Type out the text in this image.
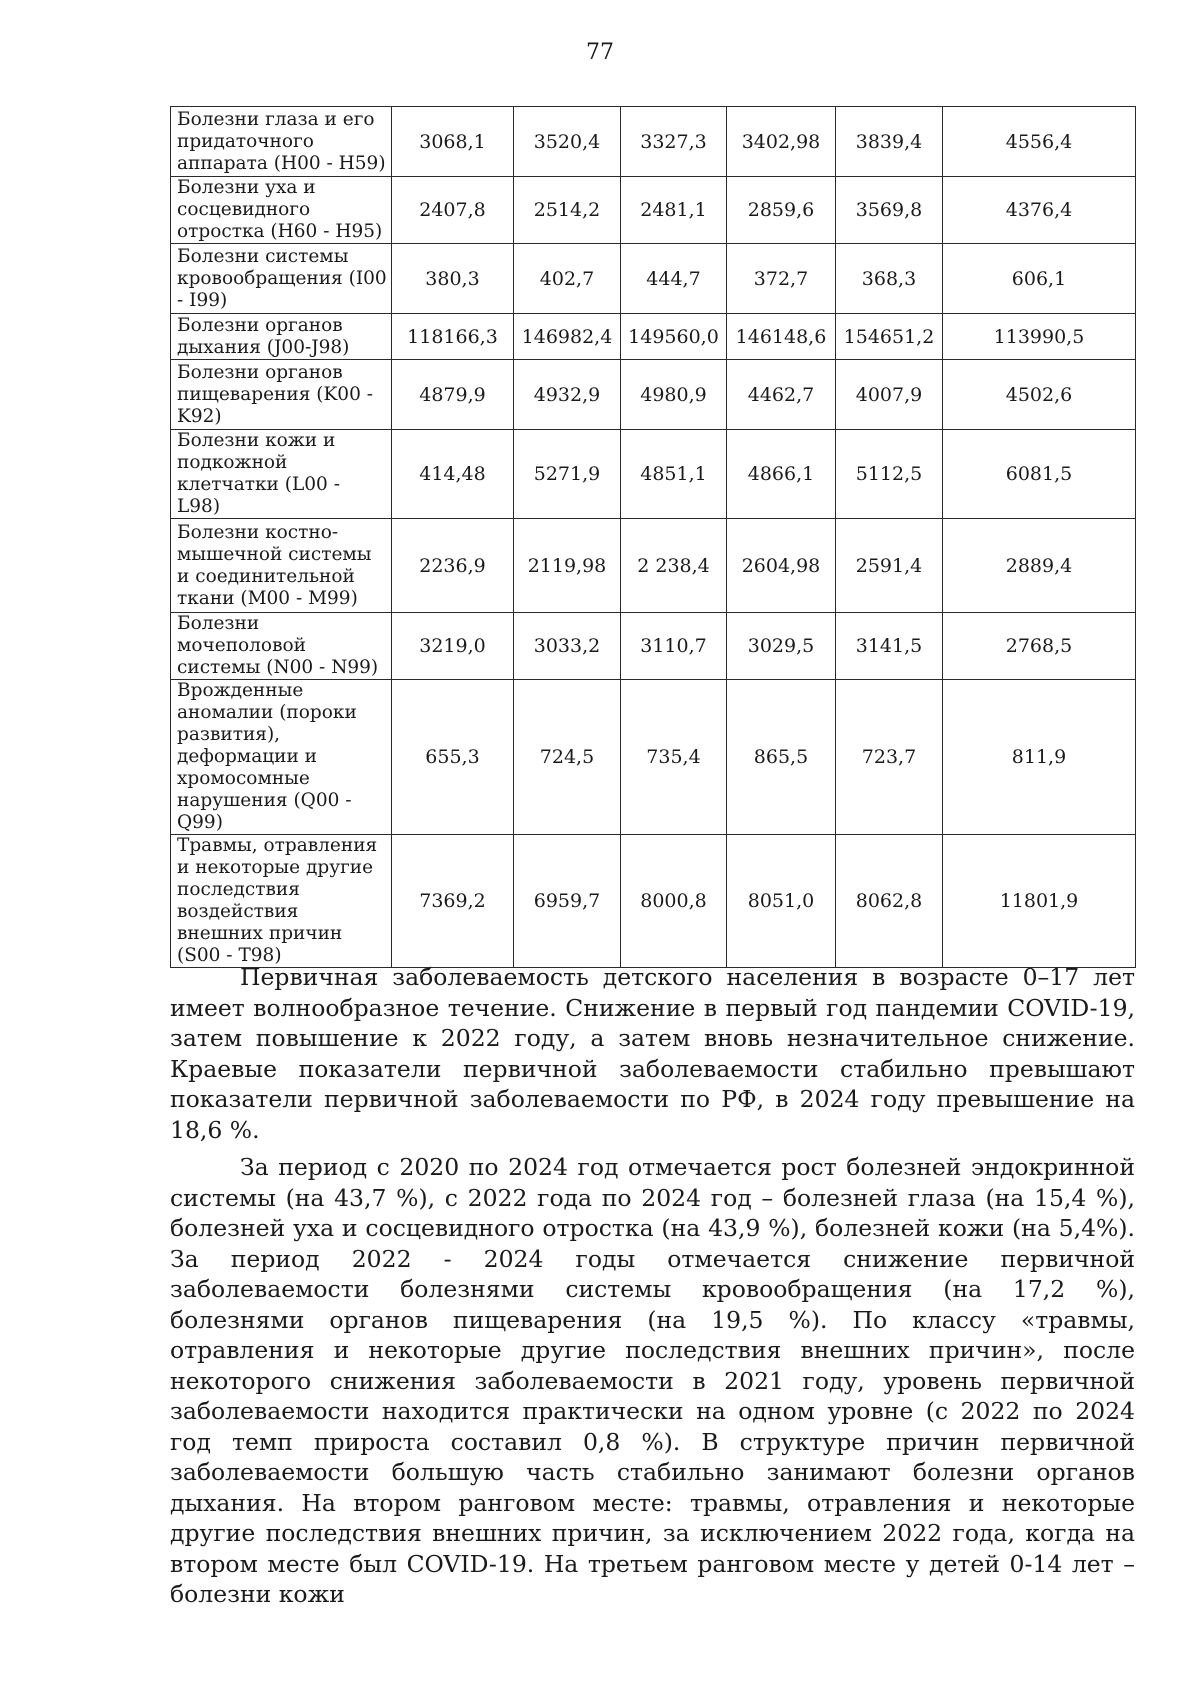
77
Болезни глаза и его придаточного аппарата (H00 - H59)	3068,1	3520,4	3327,3	3402,98	3839,4	4556,4
Болезни уха и сосцевидного отростка (H60 - H95)	2407,8	2514,2	2481,1	2859,6	3569,8	4376,4
Болезни системы кровообращения (I00 - I99)	380,3	402,7	444,7	372,7	368,3	606,1
Болезни органов дыхания (J00-J98)	118166,3	146982,4	149560,0	146148,6	154651,2	113990,5
Болезни органов пищеварения (K00 - K92)	4879,9	4932,9	4980,9	4462,7	4007,9	4502,6
Болезни кожи и подкожной клетчатки (L00 - L98)	414,48	5271,9	4851,1	4866,1	5112,5	6081,5
Болезни костно-мышечной системы и соединительной ткани (M00 - M99)	2236,9	2119,98	2 238,4	2604,98	2591,4	2889,4
Болезни мочеполовой системы (N00 - N99)	3219,0	3033,2	3110,7	3029,5	3141,5	2768,5
Врожденные аномалии (пороки развития), деформации и хромосомные нарушения (Q00 - Q99)	655,3	724,5	735,4	865,5	723,7	811,9
Травмы, отравления и некоторые другие последствия воздействия внешних причин (S00 - T98)	7369,2	6959,7	8000,8	8051,0	8062,8	11801,9

Первичная заболеваемость детского населения в возрасте 0–17 лет имеет волнообразное течение. Снижение в первый год пандемии COVID-19, затем повышение к 2022 году, а затем вновь незначительное снижение. Краевые показатели первичной заболеваемости стабильно превышают показатели первичной заболеваемости по РФ, в 2024 году превышение на 18,6 %.

За период с 2020 по 2024 год отмечается рост болезней эндокринной системы (на 43,7 %), с 2022 года по 2024 год – болезней глаза (на 15,4 %), болезней уха и сосцевидного отростка (на 43,9 %), болезней кожи (на 5,4%). За период 2022 - 2024 годы отмечается снижение первичной заболеваемости болезнями системы кровообращения (на 17,2 %), болезнями органов пищеварения (на 19,5 %). По классу «травмы, отравления и некоторые другие последствия внешних причин», после некоторого снижения заболеваемости в 2021 году, уровень первичной заболеваемости находится практически на одном уровне (с 2022 по 2024 год темп прироста составил 0,8 %). В структуре причин первичной заболеваемости большую часть стабильно занимают болезни органов дыхания. На втором ранговом месте: травмы, отравления и некоторые другие последствия внешних причин, за исключением 2022 года, когда на втором месте был COVID-19. На третьем ранговом месте у детей 0-14 лет – болезни кожи
